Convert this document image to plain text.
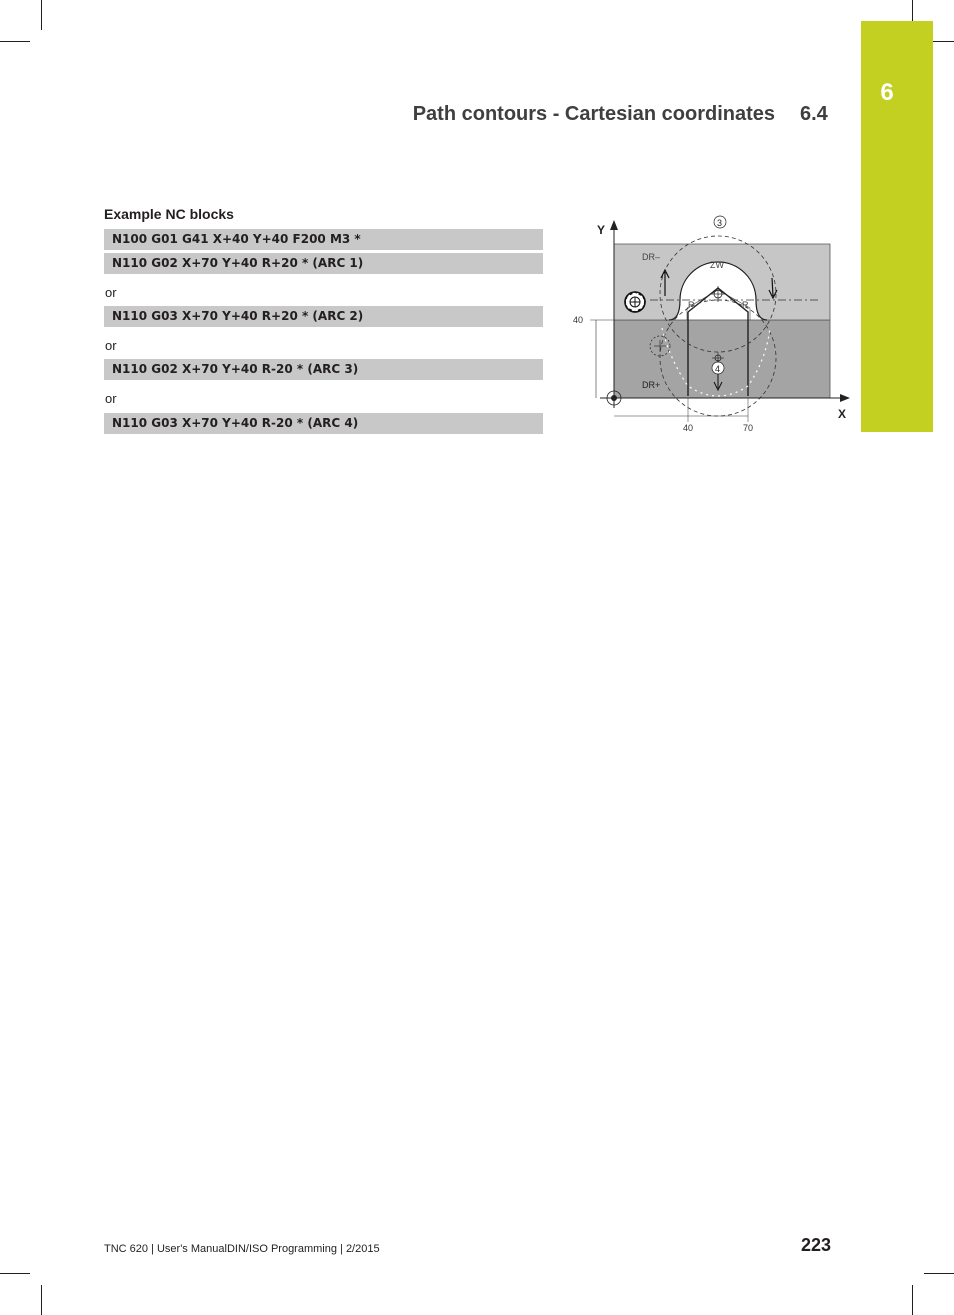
6
Path contours - Cartesian coordinates 6.4
Example NC blocks
N100 G01 G41 X+40 Y+40 F200 M3 *
N110 G02 X+70 Y+40 R+20 * (ARC 1)
or
N110 G03 X+70 Y+40 R+20 * (ARC 2)
or
N110 G02 X+70 Y+40 R-20 * (ARC 3)
or
N110 G03 X+70 Y+40 R-20 * (ARC 4)
Y
X
3
4
DR–
DR+
ZW
R	R
40
40	70
TNC 620 | User's ManualDIN/ISO Programming | 2/2015	223
